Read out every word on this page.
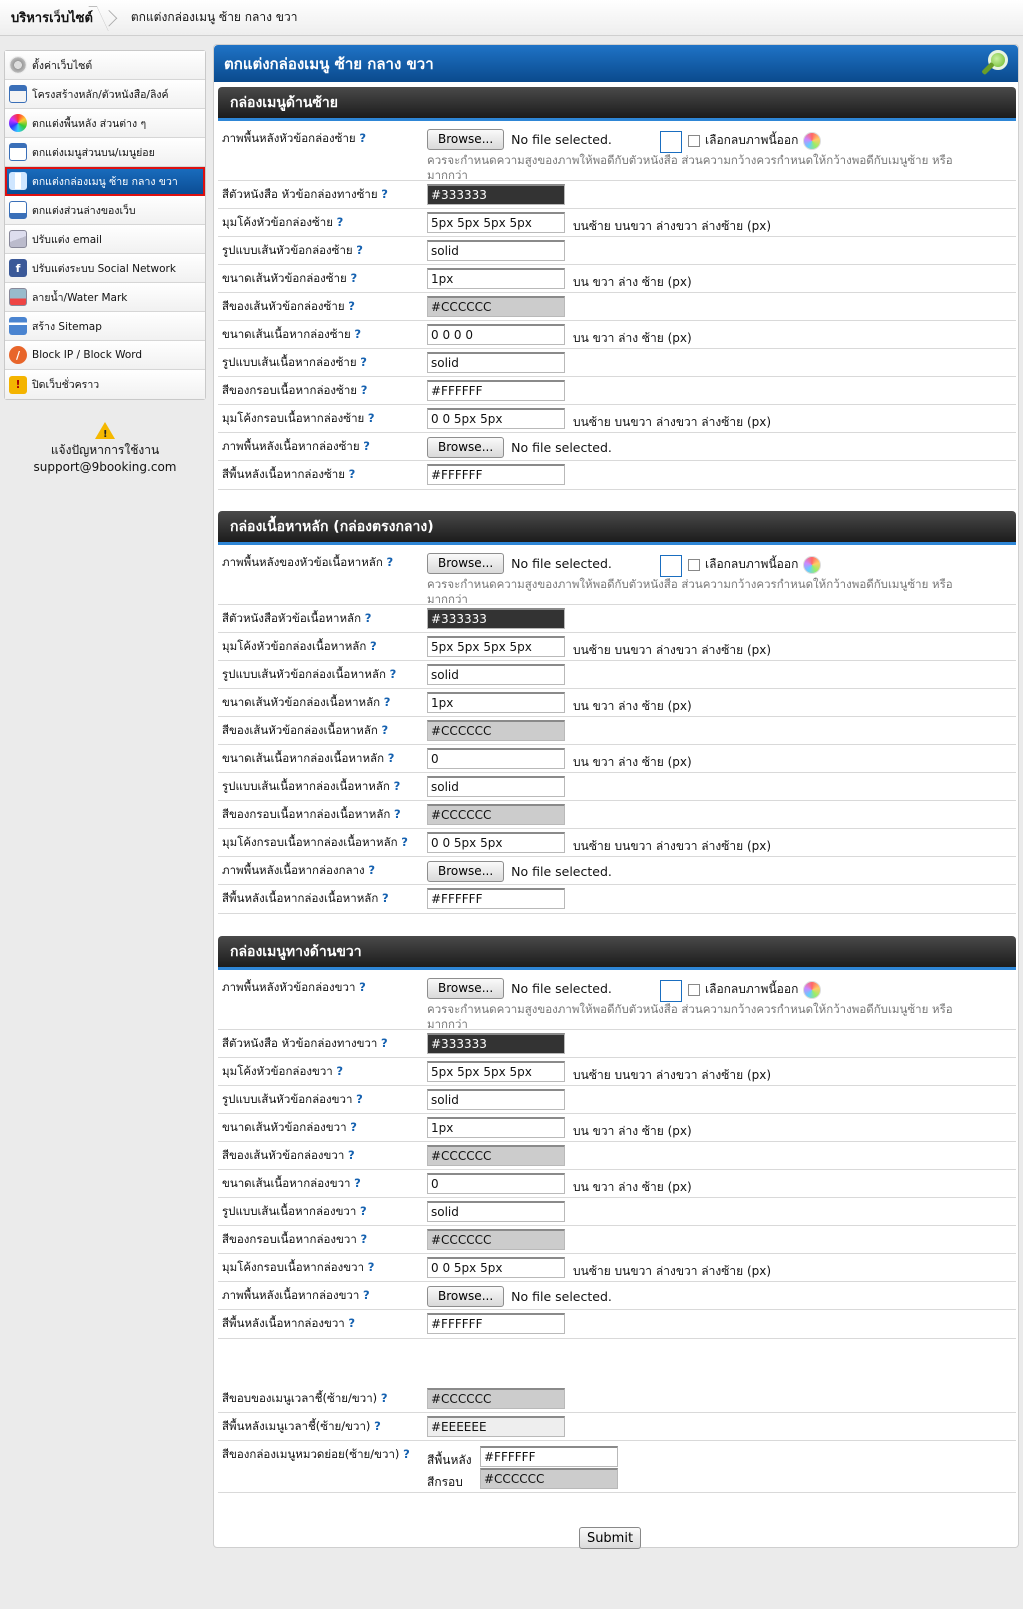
บริหารเว็บไซต์	ตกแต่งกล่องเมนู ซ้าย กลาง ขวา
ตั้งค่าเว็บไซต์
โครงสร้างหลัก/ตัวหนังสือ/ลิงค์
ตกแต่งพื้นหลัง ส่วนต่าง ๆ
ตกแต่งเมนูส่วนบน/เมนูย่อย
ตกแต่งกล่องเมนู ซ้าย กลาง ขวา
ตกแต่งส่วนล่างของเว็บ
ปรับแต่ง email
f	ปรับแต่งระบบ Social Network
ลายน้ำ/Water Mark
สร้าง Sitemap
/	Block IP / Block Word
!	ปิดเว็บชั่วคราว
!
แจ้งปัญหาการใช้งาน
support@9booking.com
ตกแต่งกล่องเมนู ซ้าย กลาง ขวา
กล่องเมนูด้านซ้าย
ภาพพื้นหลังหัวข้อกล่องซ้าย ?	Browse...	No file selected.	เลือกลบภาพนี้ออก
ควรจะกำหนดความสูงของภาพให้พอดีกับตัวหนังสือ ส่วนความกว้างควรกำหนดให้กว้างพอดีกับเมนูซ้าย หรือมากกว่า
สีตัวหนังสือ หัวข้อกล่องทางซ้าย ?
#333333
มุมโค้งหัวข้อกล่องซ้าย ?
5px 5px 5px 5px	บนซ้าย บนขวา ล่างขวา ล่างซ้าย (px)
รูปแบบเส้นหัวข้อกล่องซ้าย ?
solid
ขนาดเส้นหัวข้อกล่องซ้าย ?
1px	บน ขวา ล่าง ซ้าย (px)
สีของเส้นหัวข้อกล่องซ้าย ?
#CCCCCC
ขนาดเส้นเนื้อหากล่องซ้าย ?
0 0 0 0	บน ขวา ล่าง ซ้าย (px)
รูปแบบเส้นเนื้อหากล่องซ้าย ?
solid
สีของกรอบเนื้อหากล่องซ้าย ?
#FFFFFF
มุมโค้งกรอบเนื้อหากล่องซ้าย ?
0 0 5px 5px	บนซ้าย บนขวา ล่างขวา ล่างซ้าย (px)
ภาพพื้นหลังเนื้อหากล่องซ้าย ?	Browse...	No file selected.
สีพื้นหลังเนื้อหากล่องซ้าย ?
#FFFFFF
กล่องเนื้อหาหลัก (กล่องตรงกลาง)
ภาพพื้นหลังของหัวข้อเนื้อหาหลัก ?	Browse...	No file selected.	เลือกลบภาพนี้ออก
ควรจะกำหนดความสูงของภาพให้พอดีกับตัวหนังสือ ส่วนความกว้างควรกำหนดให้กว้างพอดีกับเมนูซ้าย หรือมากกว่า
สีตัวหนังสือหัวข้อเนื้อหาหลัก ?
#333333
มุมโค้งหัวข้อกล่องเนื้อหาหลัก ?
5px 5px 5px 5px	บนซ้าย บนขวา ล่างขวา ล่างซ้าย (px)
รูปแบบเส้นหัวข้อกล่องเนื้อหาหลัก ?
solid
ขนาดเส้นหัวข้อกล่องเนื้อหาหลัก ?
1px	บน ขวา ล่าง ซ้าย (px)
สีของเส้นหัวข้อกล่องเนื้อหาหลัก ?
#CCCCCC
ขนาดเส้นเนื้อหากล่องเนื้อหาหลัก ?
0	บน ขวา ล่าง ซ้าย (px)
รูปแบบเส้นเนื้อหากล่องเนื้อหาหลัก ?
solid
สีของกรอบเนื้อหากล่องเนื้อหาหลัก ?
#CCCCCC
มุมโค้งกรอบเนื้อหากล่องเนื้อหาหลัก ?
0 0 5px 5px	บนซ้าย บนขวา ล่างขวา ล่างซ้าย (px)
ภาพพื้นหลังเนื้อหากล่องกลาง ?	Browse...	No file selected.
สีพื้นหลังเนื้อหากล่องเนื้อหาหลัก ?
#FFFFFF
กล่องเมนูทางด้านขวา
ภาพพื้นหลังหัวข้อกล่องขวา ?	Browse...	No file selected.	เลือกลบภาพนี้ออก
ควรจะกำหนดความสูงของภาพให้พอดีกับตัวหนังสือ ส่วนความกว้างควรกำหนดให้กว้างพอดีกับเมนูซ้าย หรือมากกว่า
สีตัวหนังสือ หัวข้อกล่องทางขวา ?
#333333
มุมโค้งหัวข้อกล่องขวา ?
5px 5px 5px 5px	บนซ้าย บนขวา ล่างขวา ล่างซ้าย (px)
รูปแบบเส้นหัวข้อกล่องขวา ?
solid
ขนาดเส้นหัวข้อกล่องขวา ?
1px	บน ขวา ล่าง ซ้าย (px)
สีของเส้นหัวข้อกล่องขวา ?
#CCCCCC
ขนาดเส้นเนื้อหากล่องขวา ?
0	บน ขวา ล่าง ซ้าย (px)
รูปแบบเส้นเนื้อหากล่องขวา ?
solid
สีของกรอบเนื้อหากล่องขวา ?
#CCCCCC
มุมโค้งกรอบเนื้อหากล่องขวา ?
0 0 5px 5px	บนซ้าย บนขวา ล่างขวา ล่างซ้าย (px)
ภาพพื้นหลังเนื้อหากล่องขวา ?	Browse...	No file selected.
สีพื้นหลังเนื้อหากล่องขวา ?
#FFFFFF
สีขอบของเมนูเวลาชี้(ซ้าย/ขวา) ?
#CCCCCC
สีพื้นหลังเมนูเวลาชี้(ซ้าย/ขวา) ?
#EEEEEE
สีของกล่องเมนูหมวดย่อย(ซ้าย/ขวา) ?	สีพื้นหลัง
#FFFFFF
สีกรอบ
#CCCCCC
Submit
